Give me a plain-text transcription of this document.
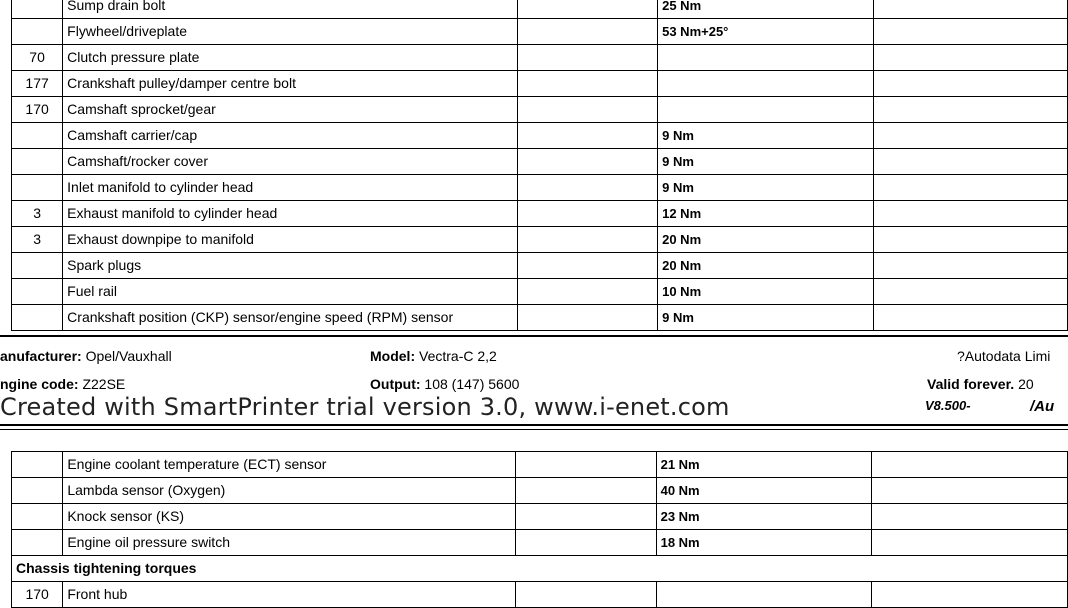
	Sump drain bolt		25 Nm	
	Flywheel/driveplate		53 Nm+25°	
70	Clutch pressure plate			
177	Crankshaft pulley/damper centre bolt			
170	Camshaft sprocket/gear			
	Camshaft carrier/cap		9 Nm	
	Camshaft/rocker cover		9 Nm	
	Inlet manifold to cylinder head		9 Nm	
3	Exhaust manifold to cylinder head		12 Nm	
3	Exhaust downpipe to manifold		20 Nm	
	Spark plugs		20 Nm	
	Fuel rail		10 Nm	
	Crankshaft position (CKP) sensor/engine speed (RPM) sensor		9 Nm	
anufacturer: Opel/Vauxhall	Model: Vectra-C 2,2	?Autodata Limi
ngine code: Z22SE	Output: 108 (147) 5600	Valid forever. 20
Created with SmartPrinter trial version 3.0, www.i-enet.com	V8.500-	/Au
	Engine coolant temperature (ECT) sensor		21 Nm	
	Lambda sensor (Oxygen)		40 Nm	
	Knock sensor (KS)		23 Nm	
	Engine oil pressure switch		18 Nm	
Chassis tightening torques				
170	Front hub			
